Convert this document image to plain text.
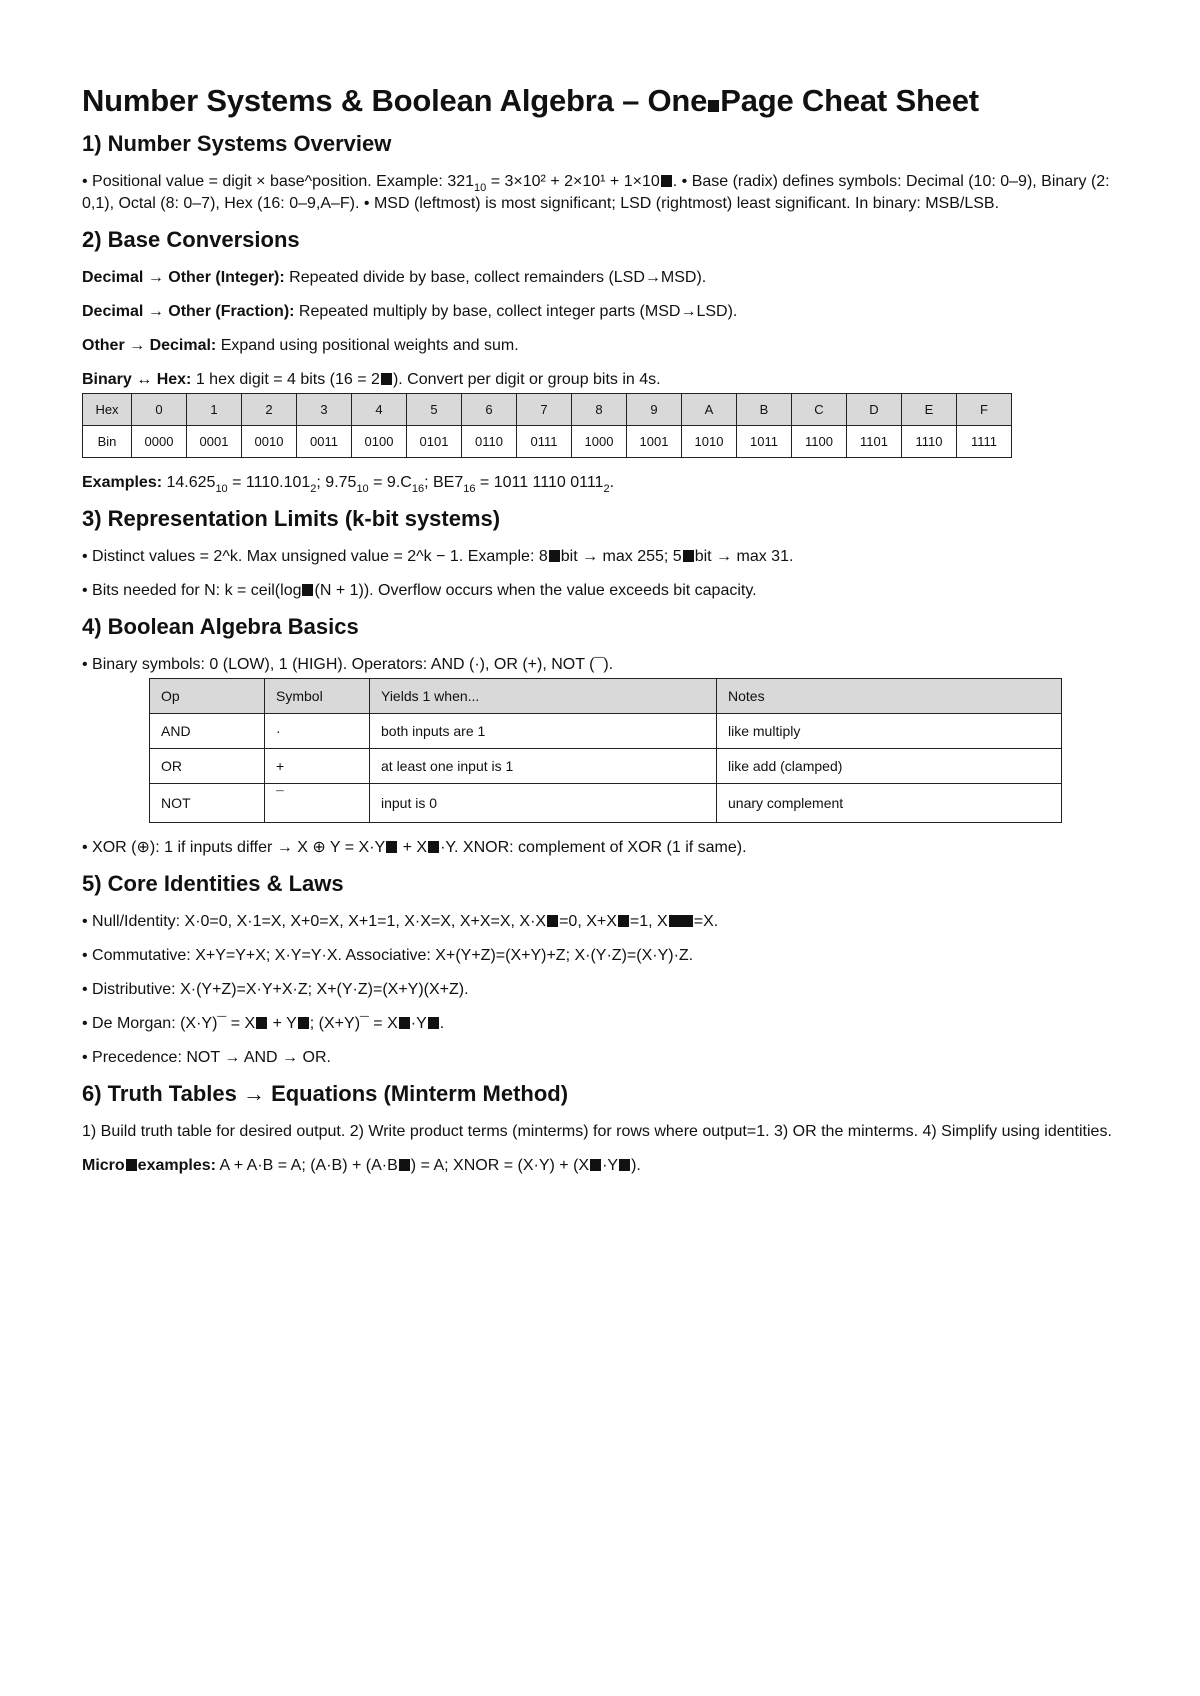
Number Systems & Boolean Algebra – One Page Cheat Sheet
1) Number Systems Overview

• Positional value = digit × base^position. Example: $321_{10} = 3\times 10^2 + 2\times 10^1 + 1\times 10$ . • Base (radix) defines symbols: Decimal (10: 0–9), Binary (2: 0,1), Octal (8: 0–7), Hex (16: 0–9,A–F). • MSD (leftmost) is most significant; LSD (rightmost) least significant. In binary: MSB/LSB.

2) Base Conversions

Decimal → Other (Integer): Repeated divide by base, collect remainders (LSD→MSD).

Decimal → Other (Fraction): Repeated multiply by base, collect integer parts (MSD→LSD).

Other → Decimal: Expand using positional weights and sum.

Binary ↔ Hex: 1 hex digit = 4 bits (16 = 2 ). Convert per digit or group bits in 4s.

Hex	0	1	2	3	4	5	6	7	8	9	A	B	C	D	E	F
Bin	0000	0001	0010	0011	0100	0101	0110	0111	1000	1001	1010	1011	1100	1101	1110	1111

Examples: $14.625_{10} = 1110.101_2$; $9.75_{10} = 9.C_{16}$; $BE7_{16} = 1011$ 1110 $0111_2$.

3) Representation Limits (k-bit systems)

• Distinct values = 2^k. Max unsigned value = 2^k − 1. Example: 8 bit → max 255; 5 bit → max 31.

• Bits needed for N: k = ceil(log (N + 1)). Overflow occurs when the value exceeds bit capacity.

4) Boolean Algebra Basics

• Binary symbols: 0 (LOW), 1 (HIGH). Operators: AND (·), OR (+), NOT (¯).

Op	Symbol	Yields 1 when...	Notes
AND	·	both inputs are 1	like multiply
OR	+	at least one input is 1	like add (clamped)
NOT	¯	input is 0	unary complement

• XOR (⊕): 1 if inputs differ → X ⊕ Y = X·Y + X ·Y. XNOR: complement of XOR (1 if same).

5) Core Identities & Laws

• Null/Identity: X·0=0, X·1=X, X+0=X, X+1=1, X·X=X, X+X=X, X·X =0, X+X =1, X =X.

• Commutative: X+Y=Y+X; X·Y=Y·X. Associative: X+(Y+Z)=(X+Y)+Z; X·(Y·Z)=(X·Y)·Z.

• Distributive: X·(Y+Z)=X·Y+X·Z; X+(Y·Z)=(X+Y)(X+Z).

• De Morgan: (X·Y)¯ = X + Y ; (X+Y)¯ = X ·Y .

• Precedence: NOT → AND → OR.

6) Truth Tables → Equations (Minterm Method)

1) Build truth table for desired output. 2) Write product terms (minterms) for rows where output=1. 3) OR the minterms. 4) Simplify using identities.

Micro examples: A + A·B = A; (A·B) + (A·B ) = A; XNOR = (X·Y) + (X ·Y ).
